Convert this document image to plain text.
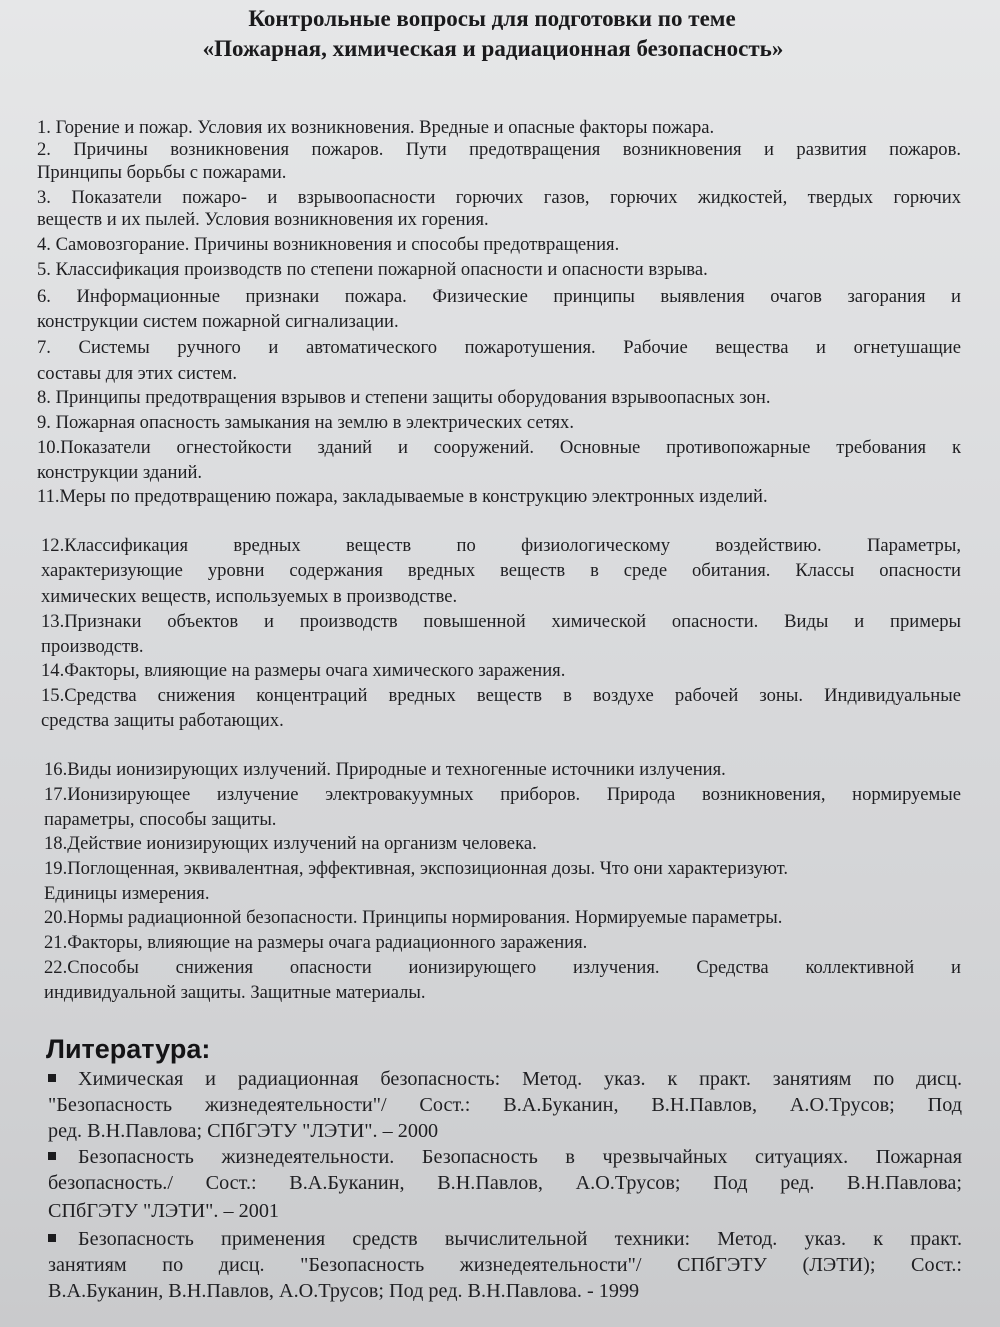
Контрольные вопросы для подготовки по теме
«Пожарная, химическая и радиационная безопасность»
1. Горение и пожар. Условия их возникновения. Вредные и опасные факторы пожара.
2. Причины возникновения пожаров. Пути предотвращения возникновения и развития пожаров.
Принципы борьбы с пожарами.
3. Показатели пожаро- и взрывоопасности горючих газов, горючих жидкостей, твердых горючих
веществ и их пылей. Условия возникновения их горения.
4. Самовозгорание. Причины возникновения и способы предотвращения.
5. Классификация производств по степени пожарной опасности и опасности взрыва.
6. Информационные признаки пожара. Физические принципы выявления очагов загорания и
конструкции систем пожарной сигнализации.
7. Системы ручного и автоматического пожаротушения. Рабочие вещества и огнетушащие
составы для этих систем.
8. Принципы предотвращения взрывов и степени защиты оборудования взрывоопасных зон.
9. Пожарная опасность замыкания на землю в электрических сетях.
10.Показатели огнестойкости зданий и сооружений. Основные противопожарные требования к
конструкции зданий.
11.Меры по предотвращению пожара, закладываемые в конструкцию электронных изделий.
12.Классификация вредных веществ по физиологическому воздействию. Параметры,
характеризующие уровни содержания вредных веществ в среде обитания. Классы опасности
химических веществ, используемых в производстве.
13.Признаки объектов и производств повышенной химической опасности. Виды и примеры
производств.
14.Факторы, влияющие на размеры очага химического заражения.
15.Средства снижения концентраций вредных веществ в воздухе рабочей зоны. Индивидуальные
средства защиты работающих.
16.Виды ионизирующих излучений. Природные и техногенные источники излучения.
17.Ионизирующее излучение электровакуумных приборов. Природа возникновения, нормируемые
параметры, способы защиты.
18.Действие ионизирующих излучений на организм человека.
19.Поглощенная, эквивалентная, эффективная, экспозиционная дозы. Что они характеризуют.
Единицы измерения.
20.Нормы радиационной безопасности. Принципы нормирования. Нормируемые параметры.
21.Факторы, влияющие на размеры очага радиационного заражения.
22.Способы снижения опасности ионизирующего излучения. Средства коллективной и
индивидуальной защиты. Защитные материалы.
Литература:
Химическая и радиационная безопасность: Метод. указ. к практ. занятиям по дисц.
"Безопасность жизнедеятельности"/ Сост.: В.А.Буканин, В.Н.Павлов, А.О.Трусов; Под
ред. В.Н.Павлова; СПбГЭТУ "ЛЭТИ". – 2000
Безопасность жизнедеятельности. Безопасность в чрезвычайных ситуациях. Пожарная
безопасность./ Сост.: В.А.Буканин, В.Н.Павлов, А.О.Трусов; Под ред. В.Н.Павлова;
СПбГЭТУ "ЛЭТИ". – 2001
Безопасность применения средств вычислительной техники: Метод. указ. к практ.
занятиям по дисц. "Безопасность жизнедеятельности"/ СПбГЭТУ (ЛЭТИ); Сост.:
В.А.Буканин, В.Н.Павлов, А.О.Трусов; Под ред. В.Н.Павлова. - 1999
